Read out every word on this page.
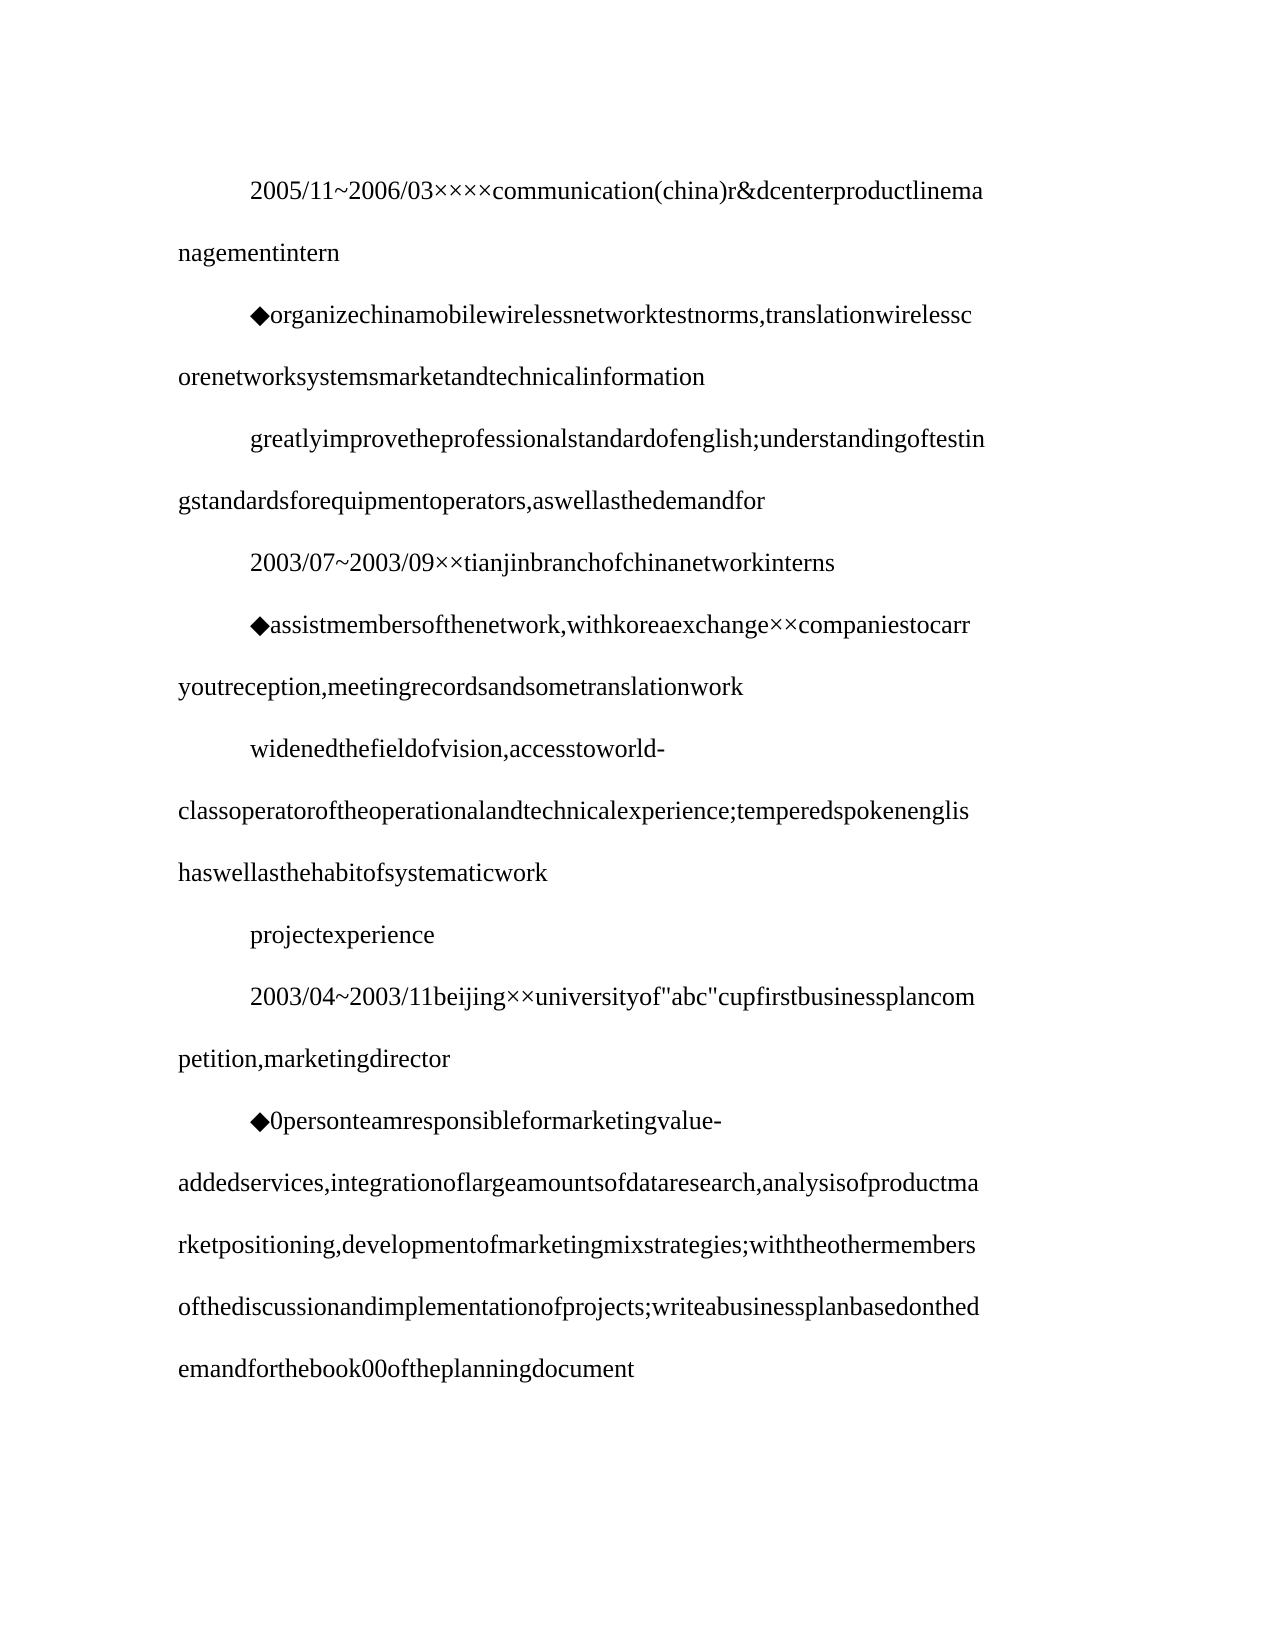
2005/11~2006/03××××communication(china)r&dcenterproductlinema
nagementintern
◆organizechinamobilewirelessnetworktestnorms,translationwirelessc
orenetworksystemsmarketandtechnicalinformation
greatlyimprovetheprofessionalstandardofenglish;understandingoftestin
gstandardsforequipmentoperators,aswellasthedemandfor
2003/07~2003/09××tianjinbranchofchinanetworkinterns
◆assistmembersofthenetwork,withkoreaexchange××companiestocarr
youtreception,meetingrecordsandsometranslationwork
widenedthefieldofvision,accesstoworld-
classoperatoroftheoperationalandtechnicalexperience;temperedspokenenglis
haswellasthehabitofsystematicwork
projectexperience
2003/04~2003/11beijing××universityof"abc"cupfirstbusinessplancom
petition,marketingdirector
◆0personteamresponsibleformarketingvalue-
addedservices,integrationoflargeamountsofdataresearch,analysisofproductma
rketpositioning,developmentofmarketingmixstrategies;withtheothermembers
ofthediscussionandimplementationofprojects;writeabusinessplanbasedonthed
emandforthebook00oftheplanningdocument
